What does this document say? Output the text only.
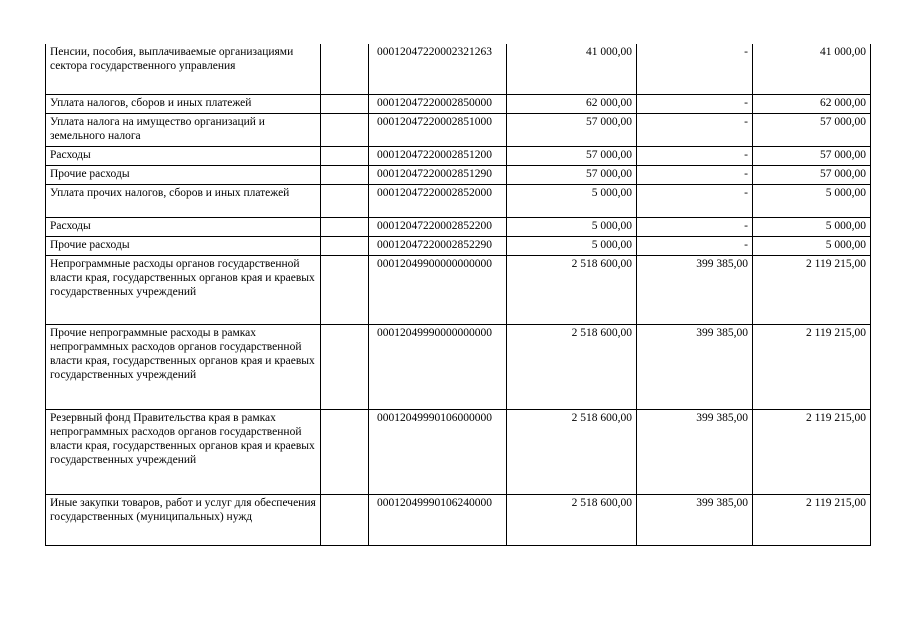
Пенсии, пособия, выплачиваемые организациями сектора государственного управления		00012047220002321263	41 000,00	-	41 000,00
Уплата налогов, сборов и иных платежей		00012047220002850000	62 000,00	-	62 000,00
Уплата налога на имущество организаций и земельного налога		00012047220002851000	57 000,00	-	57 000,00
Расходы		00012047220002851200	57 000,00	-	57 000,00
Прочие расходы		00012047220002851290	57 000,00	-	57 000,00
Уплата прочих налогов, сборов и иных платежей		00012047220002852000	5 000,00	-	5 000,00
Расходы		00012047220002852200	5 000,00	-	5 000,00
Прочие расходы		00012047220002852290	5 000,00	-	5 000,00
Непрограммные расходы органов государственной власти края, государственных органов края и краевых государственных учреждений		00012049900000000000	2 518 600,00	399 385,00	2 119 215,00
Прочие непрограммные расходы в рамках непрограммных расходов органов государственной власти края, государственных органов края и краевых государственных учреждений		00012049990000000000	2 518 600,00	399 385,00	2 119 215,00
Резервный фонд Правительства края в рамках непрограммных расходов органов государственной власти края, государственных органов края и краевых государственных учреждений		00012049990106000000	2 518 600,00	399 385,00	2 119 215,00
Иные закупки товаров, работ и услуг для обеспечения государственных (муниципальных) нужд		00012049990106240000	2 518 600,00	399 385,00	2 119 215,00
